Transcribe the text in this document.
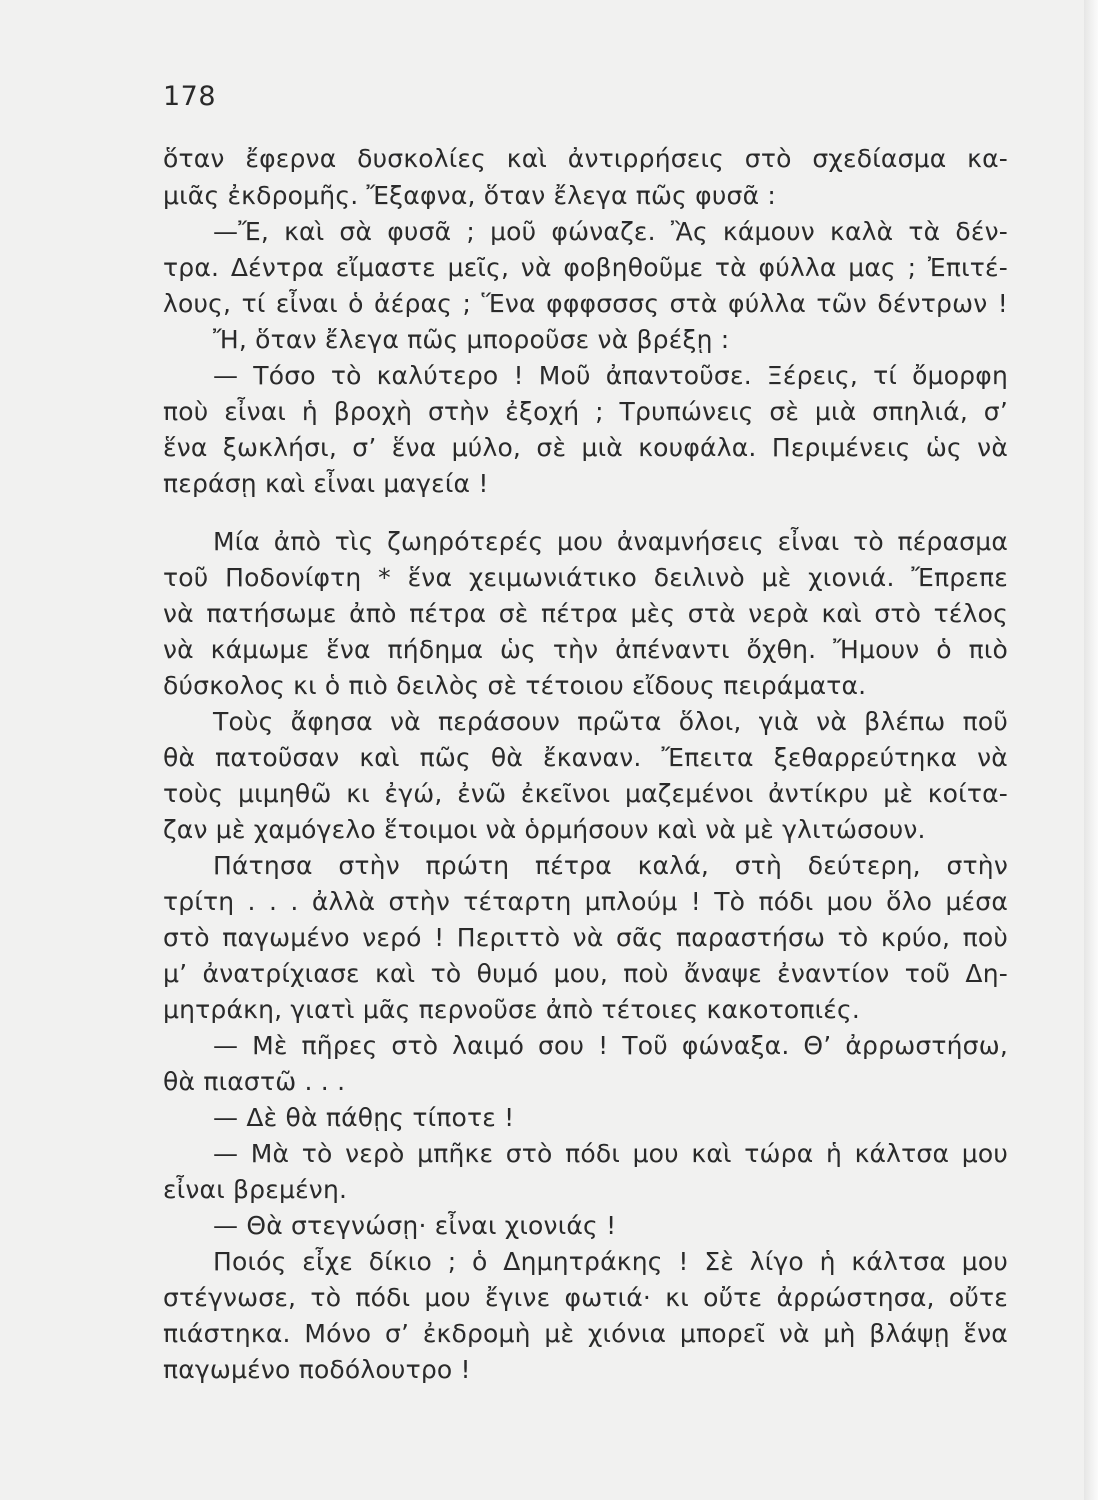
178

ὅταν ἔφερνα δυσκολίες καὶ ἀντιρρήσεις στὸ σχεδίασμα κα-

μιᾶς ἐκδρομῆς. Ἔξαφνα, ὅταν ἔλεγα πῶς φυσᾶ :

—Ἔ, καὶ σὰ φυσᾶ ; μοῦ φώναζε. Ἂς κάμουν καλὰ τὰ δέν-

τρα. Δέντρα εἴμαστε μεῖς, νὰ φοβηθοῦμε τὰ φύλλα μας ; Ἐπιτέ-

λους, τί εἶναι ὁ ἀέρας ; Ἕνα φφφσσσς στὰ φύλλα τῶν δέντρων !

Ἤ, ὅταν ἔλεγα πῶς μποροῦσε νὰ βρέξῃ :

— Τόσο τὸ καλύτερο ! Μοῦ ἀπαντοῦσε. Ξέρεις, τί ὄμορφη

ποὺ εἶναι ἡ βροχὴ στὴν ἐξοχή ; Τρυπώνεις σὲ μιὰ σπηλιά, σ’

ἕνα ξωκλήσι, σ’ ἕνα μύλο, σὲ μιὰ κουφάλα. Περιμένεις ὡς νὰ

περάσῃ καὶ εἶναι μαγεία !

Μία ἀπὸ τὶς ζωηρότερές μου ἀναμνήσεις εἶναι τὸ πέρασμα

τοῦ Ποδονίφτη * ἕνα χειμωνιάτικο δειλινὸ μὲ χιονιά. Ἔπρεπε

νὰ πατήσωμε ἀπὸ πέτρα σὲ πέτρα μὲς στὰ νερὰ καὶ στὸ τέλος

νὰ κάμωμε ἕνα πήδημα ὡς τὴν ἀπέναντι ὄχθη. Ἤμουν ὁ πιὸ

δύσκολος κι ὁ πιὸ δειλὸς σὲ τέτοιου εἴδους πειράματα.

Τοὺς ἄφησα νὰ περάσουν πρῶτα ὅλοι, γιὰ νὰ βλέπω ποῦ

θὰ πατοῦσαν καὶ πῶς θὰ ἔκαναν. Ἔπειτα ξεθαρρεύτηκα νὰ

τοὺς μιμηθῶ κι ἐγώ, ἐνῶ ἐκεῖνοι μαζεμένοι ἀντίκρυ μὲ κοίτα-

ζαν μὲ χαμόγελο ἕτοιμοι νὰ ὁρμήσουν καὶ νὰ μὲ γλιτώσουν.

Πάτησα στὴν πρώτη πέτρα καλά, στὴ δεύτερη, στὴν

τρίτη . . . ἀλλὰ στὴν τέταρτη μπλούμ ! Τὸ πόδι μου ὅλο μέσα

στὸ παγωμένο νερό ! Περιττὸ νὰ σᾶς παραστήσω τὸ κρύο, ποὺ

μ’ ἀνατρίχιασε καὶ τὸ θυμό μου, ποὺ ἄναψε ἐναντίον τοῦ Δη-

μητράκη, γιατὶ μᾶς περνοῦσε ἀπὸ τέτοιες κακοτοπιές.

— Μὲ πῆρες στὸ λαιμό σου ! Τοῦ φώναξα. Θ’ ἀρρωστήσω,

θὰ πιαστῶ . . .

— Δὲ θὰ πάθῃς τίποτε !

— Μὰ τὸ νερὸ μπῆκε στὸ πόδι μου καὶ τώρα ἡ κάλτσα μου

εἶναι βρεμένη.

— Θὰ στεγνώσῃ· εἶναι χιονιάς !

Ποιός εἶχε δίκιο ; ὁ Δημητράκης ! Σὲ λίγο ἡ κάλτσα μου

στέγνωσε, τὸ πόδι μου ἔγινε φωτιά· κι οὔτε ἀρρώστησα, οὔτε

πιάστηκα. Μόνο σ’ ἐκδρομὴ μὲ χιόνια μπορεῖ νὰ μὴ βλάψῃ ἕνα

παγωμένο ποδόλουτρο !
